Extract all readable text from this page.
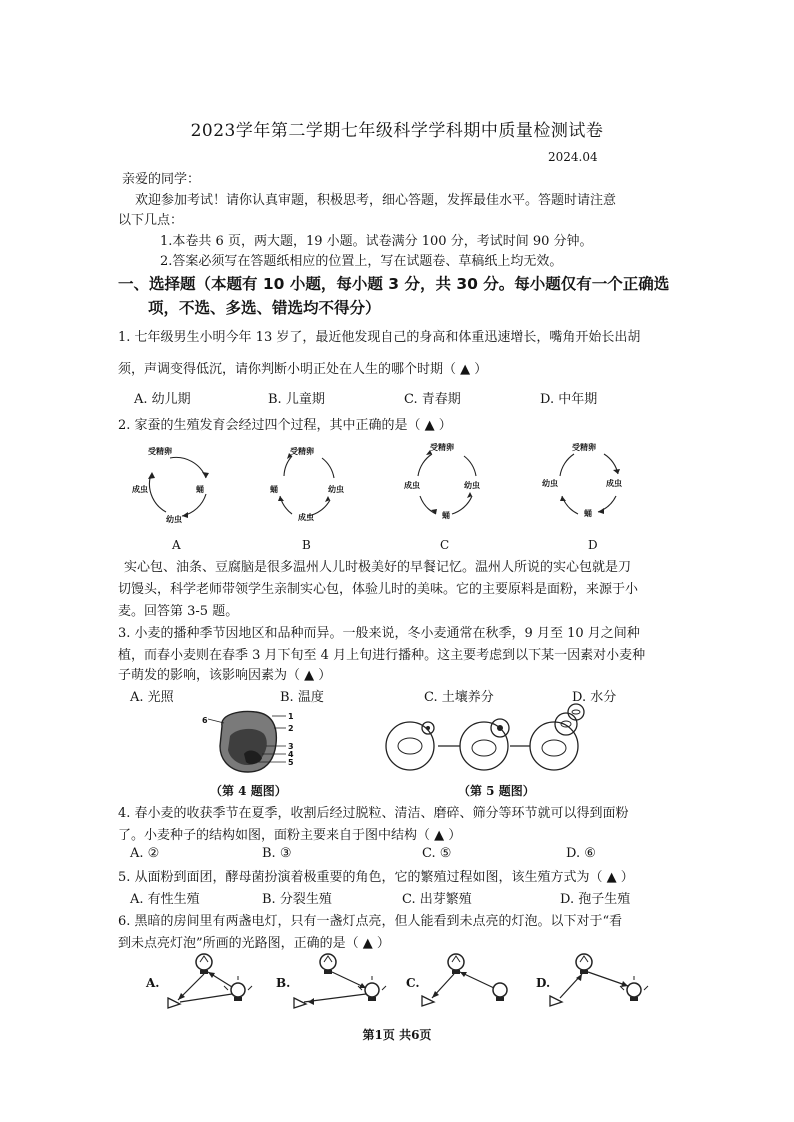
2023学年第二学期七年级科学学科期中质量检测试卷
2024.04
亲爱的同学：
欢迎参加考试！请你认真审题，积极思考，细心答题，发挥最佳水平。答题时请注意
以下几点：
1.本卷共 6 页，两大题，19 小题。试卷满分 100 分，考试时间 90 分钟。
2.答案必须写在答题纸相应的位置上，写在试题卷、草稿纸上均无效。
一、选择题（本题有 10 小题，每小题 3 分，共 30 分。每小题仅有一个正确选
项，不选、多选、错选均不得分）
1. 七年级男生小明今年 13 岁了，最近他发现自己的身高和体重迅速增长，嘴角开始长出胡
须，声调变得低沉，请你判断小明正处在人生的哪个时期（ ▲ ）
A. 幼儿期	B. 儿童期	C. 青春期	D. 中年期
2. 家蚕的生殖发育会经过四个过程，其中正确的是（ ▲ ）
受精卵
蛹
幼虫
成虫
受精卵
蛹	幼虫
成虫
受精卵
成虫	幼虫
蛹
受精卵
幼虫	成虫
蛹
A	B	C	D
实心包、油条、豆腐脑是很多温州人儿时极美好的早餐记忆。温州人所说的实心包就是刀
切馒头，科学老师带领学生亲制实心包，体验儿时的美味。它的主要原料是面粉，来源于小
麦。回答第 3-5 题。
3. 小麦的播种季节因地区和品种而异。一般来说，冬小麦通常在秋季，9 月至 10 月之间种
植，而春小麦则在春季 3 月下旬至 4 月上旬进行播种。这主要考虑到以下某一因素对小麦种
子萌发的影响，该影响因素为（ ▲ ）
A. 光照	B. 温度	C. 土壤养分	D. 水分
6	1
2
3
4
5
（第 4 题图）	（第 5 题图）
4. 春小麦的收获季节在夏季，收割后经过脱粒、清洁、磨碎、筛分等环节就可以得到面粉
了。小麦种子的结构如图，面粉主要来自于图中结构（ ▲ ）
A. ②	B. ③	C. ⑤	D. ⑥
5. 从面粉到面团，酵母菌扮演着极重要的角色，它的繁殖过程如图，该生殖方式为（ ▲ ）
A. 有性生殖	B. 分裂生殖	C. 出芽繁殖	D. 孢子生殖
6. 黑暗的房间里有两盏电灯，只有一盏灯点亮，但人能看到未点亮的灯泡。以下对于“看
到未点亮灯泡”所画的光路图，正确的是（ ▲ ）
A.	B.	C.	D.
第1页 共6页
